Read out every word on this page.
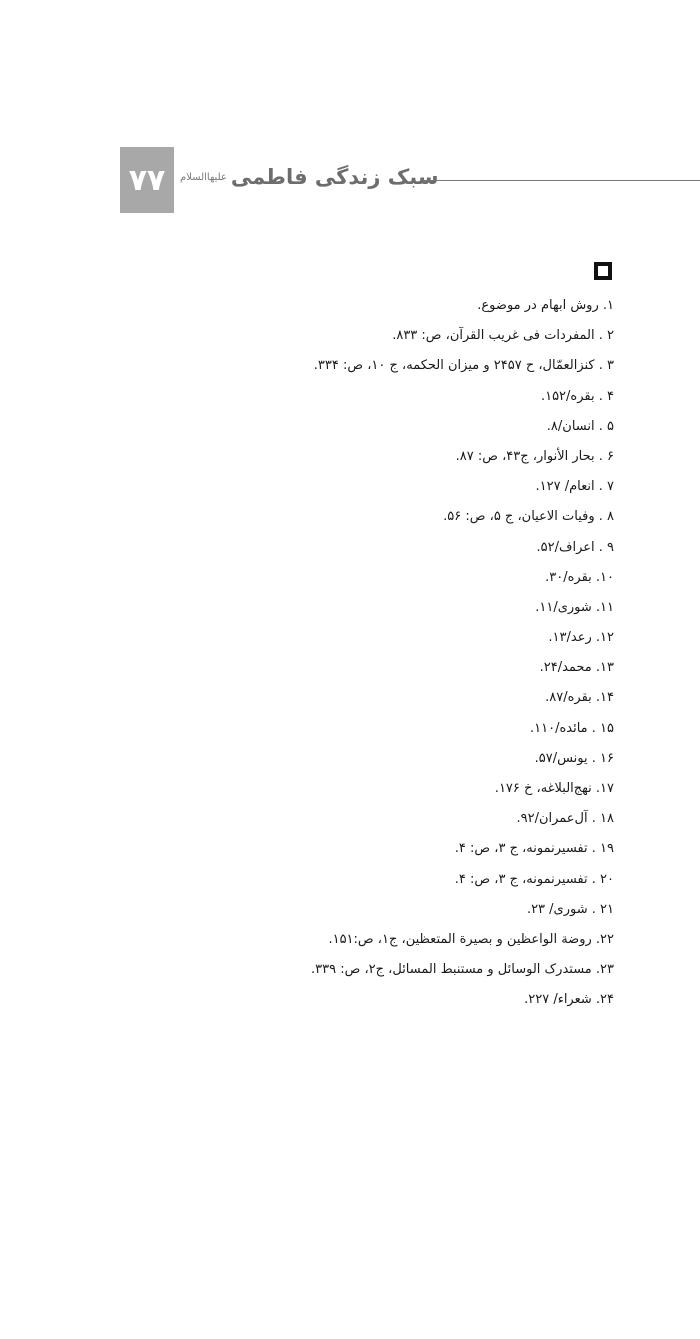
۷۷	سبک زندگی فاطمی
علیهاالسلام
۱. روش ابهام در موضوع.
۲ . المفردات فی غریب القرآن، ص: ۸۳۳.
۳ . کنزالعمّال، ح ۲۴۵۷ و میزان الحکمه، ج ۱۰، ص: ۳۳۴.
۴ . بقره/۱۵۲.
۵ . انسان/۸.
۶ . بحار الأنوار، ج۴۳، ص: ۸۷.
۷ . انعام/ ۱۲۷.
۸ . وفیات الاعیان، ج ۵، ص: ۵۶.
۹ . اعراف/۵۲.
۱۰. بقره/۳۰.
۱۱. شوری/۱۱.
۱۲. رعد/۱۳.
۱۳. محمد/۲۴.
۱۴. بقره/۸۷.
۱۵ . مائده/۱۱۰.
۱۶ . یونس/۵۷.
۱۷. نهج‌البلاغه، خ ۱۷۶.
۱۸ . آل‌عمران/۹۲.
۱۹ . تفسیرنمونه، ج ۳، ص: ۴.
۲۰ . تفسیرنمونه، ج ۳، ص: ۴.
۲۱ . شوری/ ۲۳.
۲۲. روضة الواعظین و بصیرة المتعظین، ج۱، ص:۱۵۱.
۲۳. مستدرک الوسائل و مستنبط المسائل، ج۲، ص: ۳۳۹.
۲۴. شعراء/ ۲۲۷.
